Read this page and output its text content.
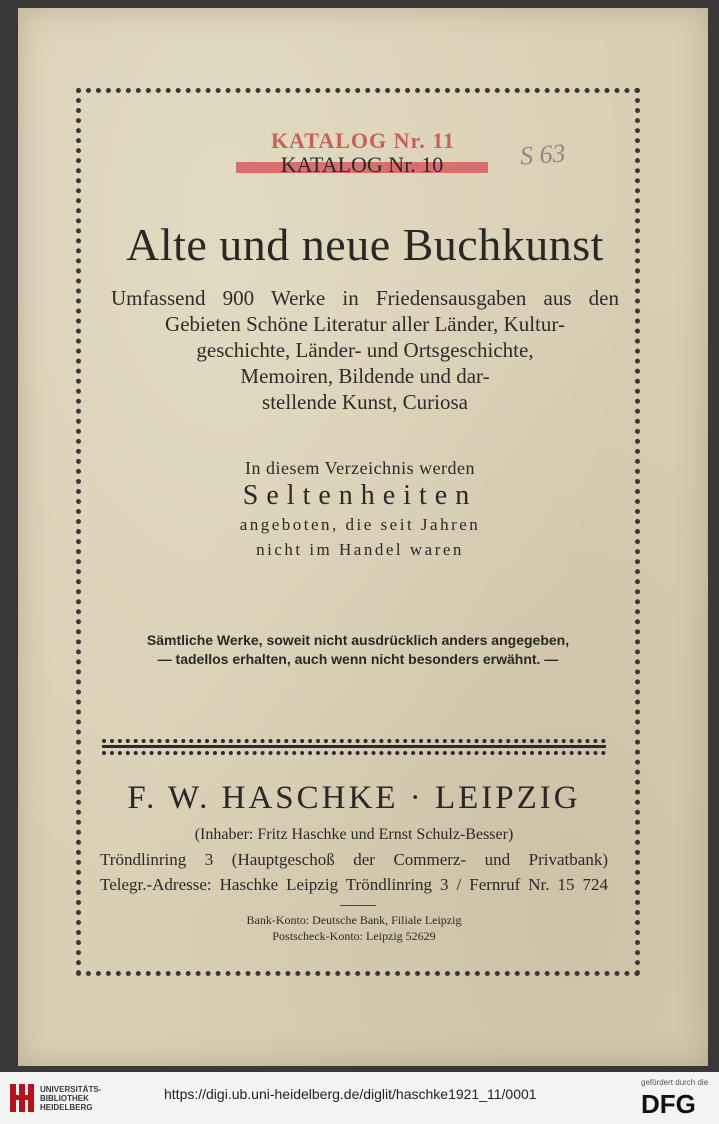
KATALOG Nr. 11
KATALOG Nr. 10	S 63
Alte und neue Buchkunst
Umfassend 900 Werke in Friedensausgaben aus den
Gebieten Schöne Literatur aller Länder, Kultur-
geschichte, Länder- und Ortsgeschichte,
Memoiren, Bildende und dar-
stellende Kunst, Curiosa
In diesem Verzeichnis werden
Seltenheiten
angeboten, die seit Jahren
nicht im Handel waren
Sämtliche Werke, soweit nicht ausdrücklich anders angegeben,
— tadellos erhalten, auch wenn nicht besonders erwähnt. —
F. W. HASCHKE · LEIPZIG
(Inhaber: Fritz Haschke und Ernst Schulz-Besser)
Tröndlinring 3 (Hauptgeschoß der Commerz- und Privatbank)
Telegr.-Adresse: Haschke Leipzig Tröndlinring 3 / Fernruf Nr. 15 724
Bank-Konto: Deutsche Bank, Filiale Leipzig
Postscheck-Konto: Leipzig 52629
UNIVERSITÄTS-
BIBLIOTHEK
HEIDELBERG
https://digi.ub.uni-heidelberg.de/diglit/haschke1921_11/0001
gefördert durch die
DFG
